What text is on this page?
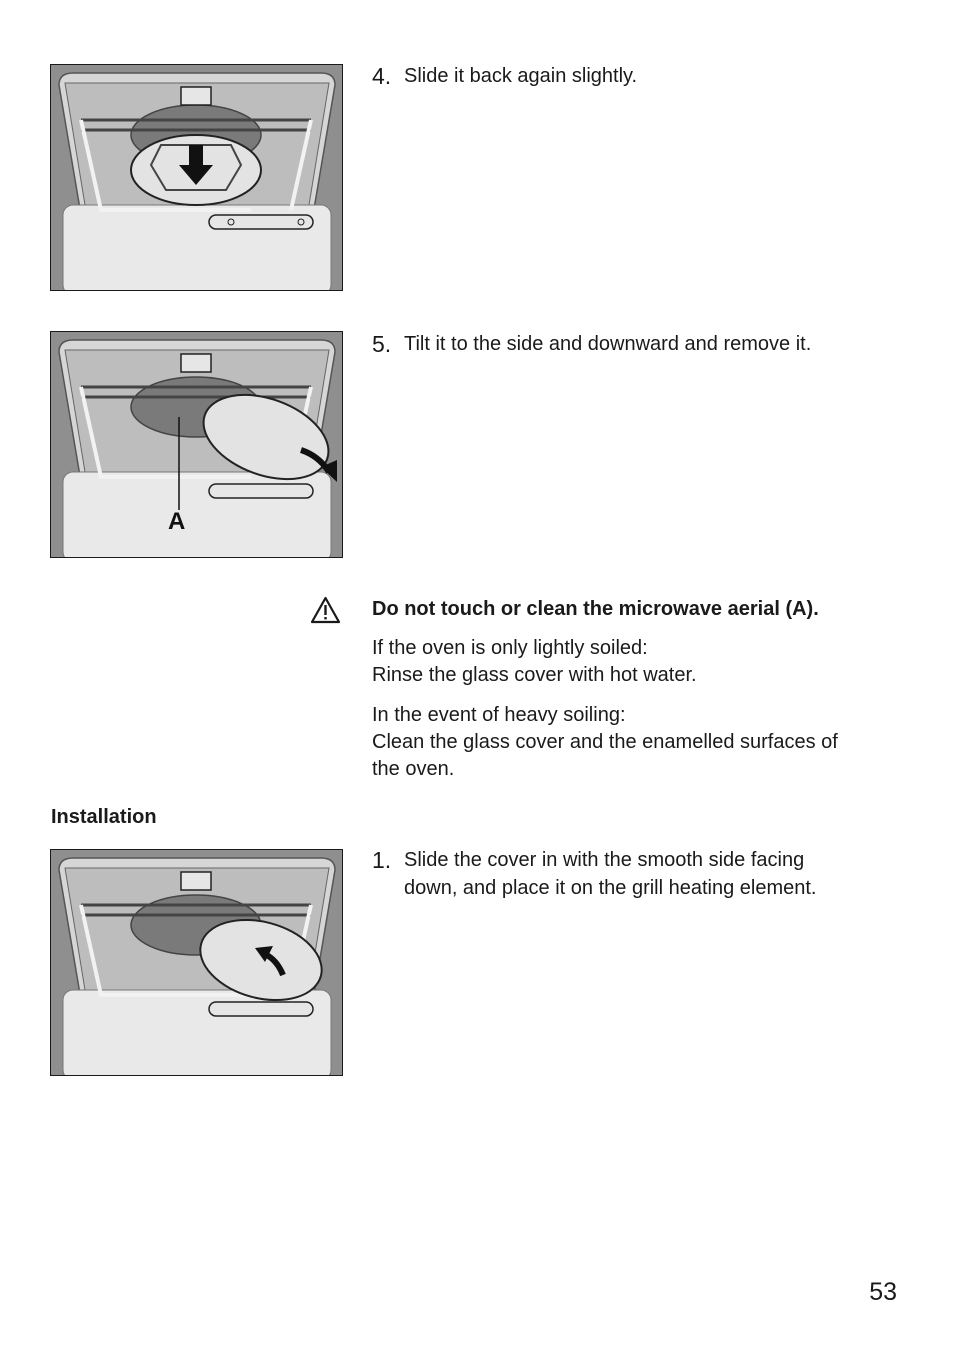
4. Slide it back again slightly.
A
5. Tilt it to the side and downward and remove it.
Do not touch or clean the microwave aerial (A).
If the oven is only lightly soiled:
Rinse the glass cover with hot water.
In the event of heavy soiling:
Clean the glass cover and the enamelled surfaces of
the oven.
Installation
1. Slide the cover in with the smooth side facing
down, and place it on the grill heating element.
53
